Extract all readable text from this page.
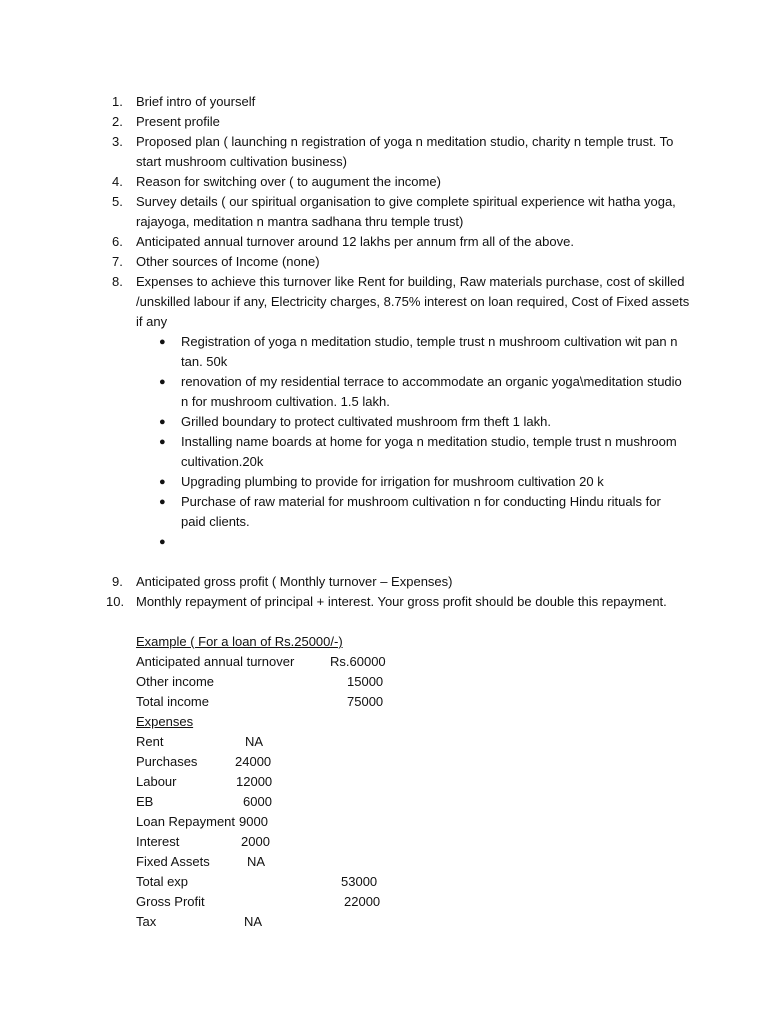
1.	Brief intro of yourself
2.	Present profile
3.	Proposed plan ( launching n registration of yoga n meditation studio, charity n temple trust. To
start mushroom cultivation business)
4.	Reason for switching over ( to augument the income)
5.	Survey details ( our spiritual organisation to give complete spiritual experience wit hatha yoga,
rajayoga, meditation n mantra sadhana thru temple trust)
6.	Anticipated annual turnover around 12 lakhs per annum frm all of the above.
7.	Other sources of Income (none)
8.	Expenses to achieve this turnover like Rent for building, Raw materials purchase, cost of skilled
/unskilled labour if any, Electricity charges, 8.75% interest on loan required, Cost of Fixed assets
if any
● Registration of yoga n meditation studio, temple trust n mushroom cultivation wit pan n
tan. 50k
● renovation of my residential terrace to accommodate an organic yoga\meditation studio
n for mushroom cultivation. 1.5 lakh.
● Grilled boundary to protect cultivated mushroom frm theft 1 lakh.
● Installing name boards at home for yoga n meditation studio, temple trust n mushroom
cultivation.20k
● Upgrading plumbing to provide for irrigation for mushroom cultivation 20 k
● Purchase of raw material for mushroom cultivation n for conducting Hindu rituals for
paid clients.
●
9.	Anticipated gross profit ( Monthly turnover – Expenses)
10. Monthly repayment of principal + interest. Your gross profit should be double this repayment.
Example ( For a loan of Rs.25000/-)
Anticipated annual turnover	Rs.60000
Other income	15000
Total income	75000
Expenses
Rent	NA
Purchases	24000
Labour	12000
EB	6000
Loan Repayment 9000
Interest	2000
Fixed Assets	NA
Total exp	53000
Gross Profit	22000
Tax	NA
